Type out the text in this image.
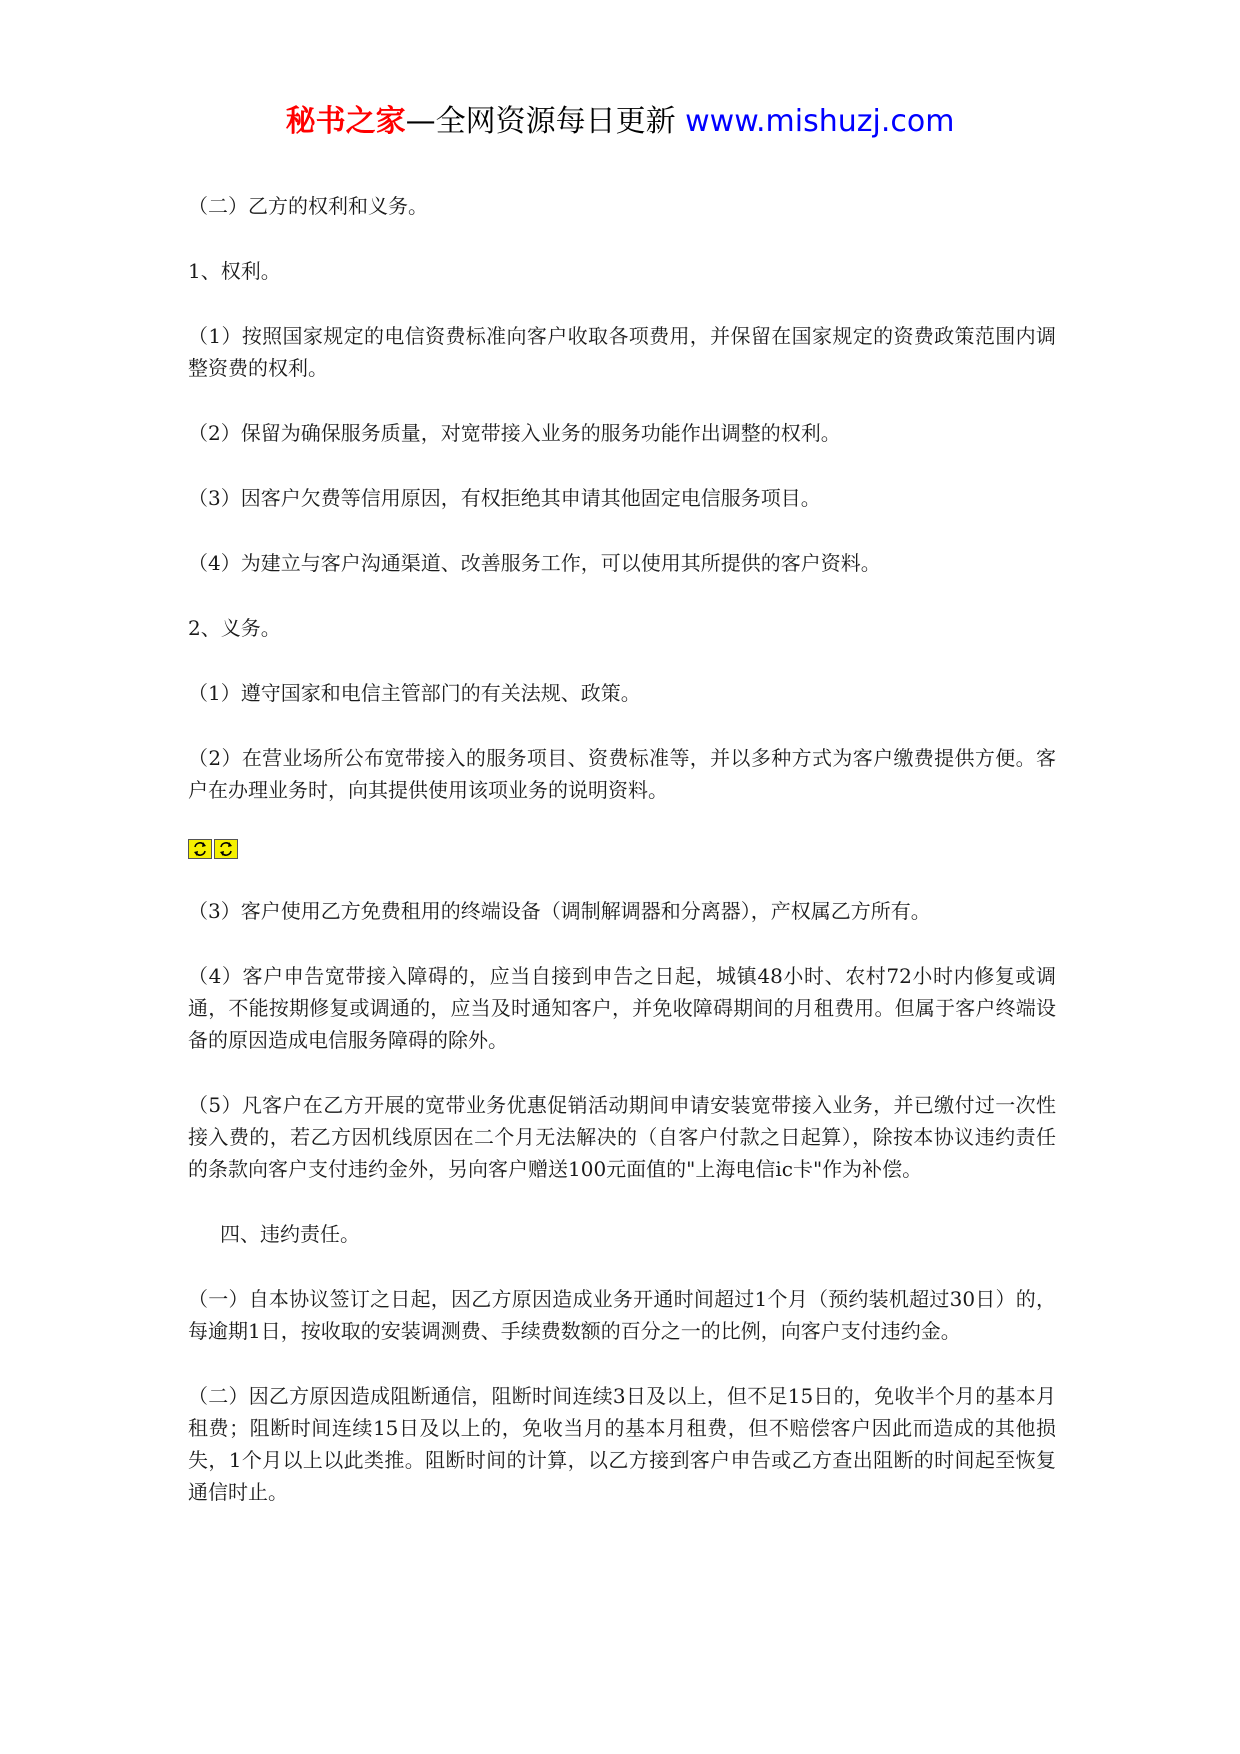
秘书之家—全网资源每日更新 www.mishuzj.com

（二）乙方的权利和义务。

1、权利。

（1）按照国家规定的电信资费标准向客户收取各项费用，并保留在国家规定的资费政策范围内调整资费的权利。

（2）保留为确保服务质量，对宽带接入业务的服务功能作出调整的权利。

（3）因客户欠费等信用原因，有权拒绝其申请其他固定电信服务项目。

（4）为建立与客户沟通渠道、改善服务工作，可以使用其所提供的客户资料。

2、义务。

（1）遵守国家和电信主管部门的有关法规、政策。

（2）在营业场所公布宽带接入的服务项目、资费标准等，并以多种方式为客户缴费提供方便。客户在办理业务时，向其提供使用该项业务的说明资料。

（3）客户使用乙方免费租用的终端设备（调制解调器和分离器），产权属乙方所有。

（4）客户申告宽带接入障碍的，应当自接到申告之日起，城镇48小时、农村72小时内修复或调通，不能按期修复或调通的，应当及时通知客户，并免收障碍期间的月租费用。但属于客户终端设备的原因造成电信服务障碍的除外。

（5）凡客户在乙方开展的宽带业务优惠促销活动期间申请安装宽带接入业务，并已缴付过一次性接入费的，若乙方因机线原因在二个月无法解决的（自客户付款之日起算），除按本协议违约责任的条款向客户支付违约金外，另向客户赠送100元面值的"上海电信ic卡"作为补偿。

四、违约责任。

（一）自本协议签订之日起，因乙方原因造成业务开通时间超过1个月（预约装机超过30日）的，每逾期1日，按收取的安装调测费、手续费数额的百分之一的比例，向客户支付违约金。

（二）因乙方原因造成阻断通信，阻断时间连续3日及以上，但不足15日的，免收半个月的基本月租费；阻断时间连续15日及以上的，免收当月的基本月租费，但不赔偿客户因此而造成的其他损失，1个月以上以此类推。阻断时间的计算，以乙方接到客户申告或乙方查出阻断的时间起至恢复通信时止。
